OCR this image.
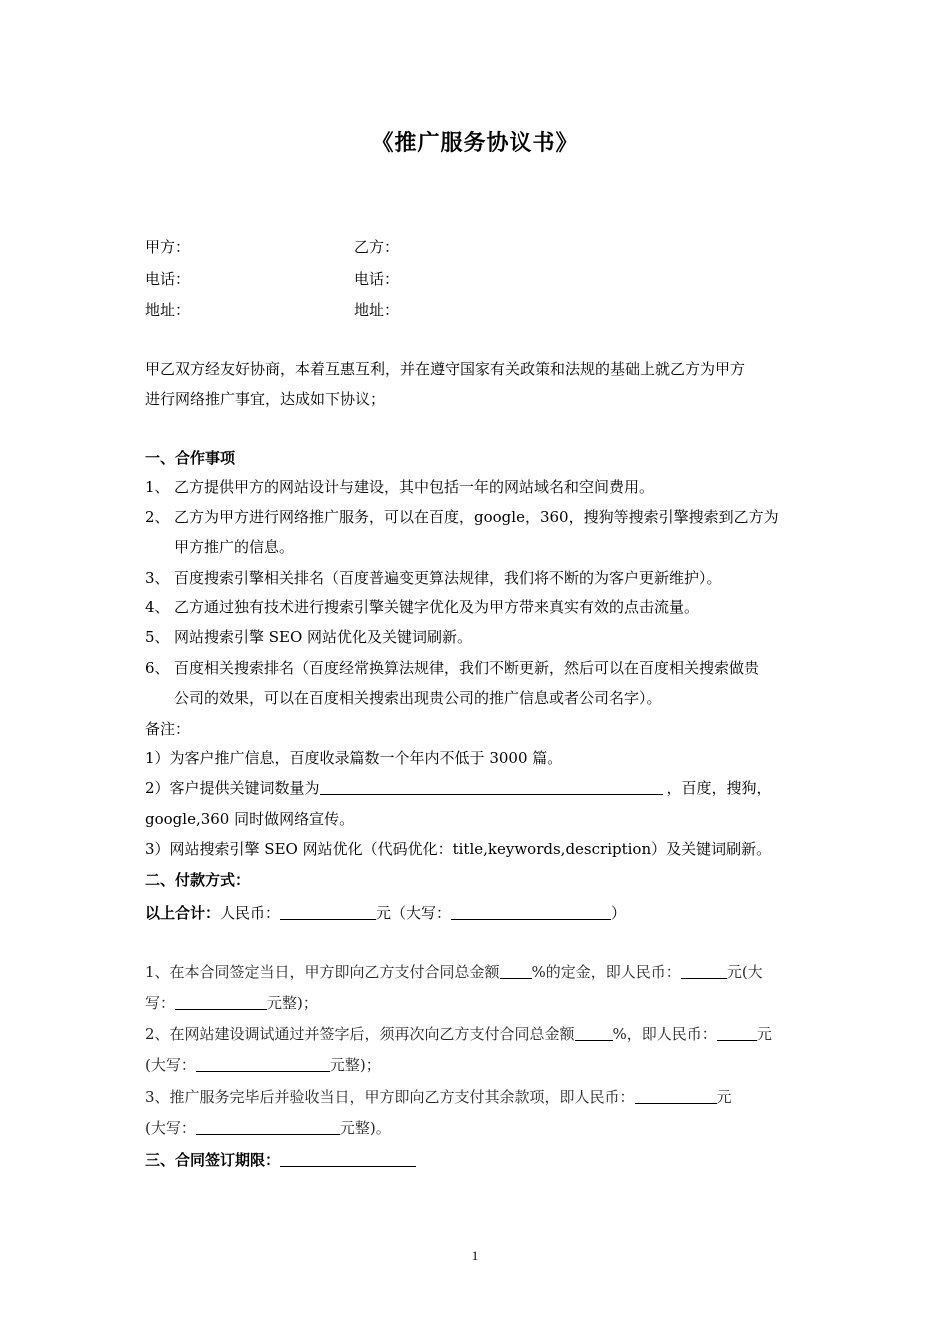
《推广服务协议书》
甲方：	乙方：
电话：	电话：
地址：	地址：
甲乙双方经友好协商，本着互惠互利，并在遵守国家有关政策和法规的基础上就乙方为甲方
进行网络推广事宜，达成如下协议；
一、合作事项
1、 乙方提供甲方的网站设计与建设，其中包括一年的网站域名和空间费用。
2、 乙方为甲方进行网络推广服务，可以在百度，google，360，搜狗等搜索引擎搜索到乙方为
甲方推广的信息。
3、 百度搜索引擎相关排名（百度普遍变更算法规律，我们将不断的为客户更新维护）。
4、 乙方通过独有技术进行搜索引擎关键字优化及为甲方带来真实有效的点击流量。
5、 网站搜索引擎 SEO 网站优化及关键词刷新。
6、 百度相关搜索排名（百度经常换算法规律，我们不断更新，然后可以在百度相关搜索做贵
公司的效果，可以在百度相关搜索出现贵公司的推广信息或者公司名字）。
备注：
1）为客户推广信息，百度收录篇数一个年内不低于 3000 篇。
2）客户提供关键词数量为	，百度，搜狗，
google,360 同时做网络宣传。
3）网站搜索引擎 SEO 网站优化（代码优化：title,keywords,description）及关键词刷新。
二、付款方式：
以上合计：人民币：	元（大写：	）
1、在本合同签定当日，甲方即向乙方支付合同总金额 %的定金，即人民币：	元(大
写：	元整)；
2、在网站建设调试通过并签字后，须再次向乙方支付合同总金额	%，即人民币：	元
(大写：	元整)；
3、推广服务完毕后并验收当日，甲方即向乙方支付其余款项，即人民币：	元
(大写：	元整)。
三、合同签订期限：
1
